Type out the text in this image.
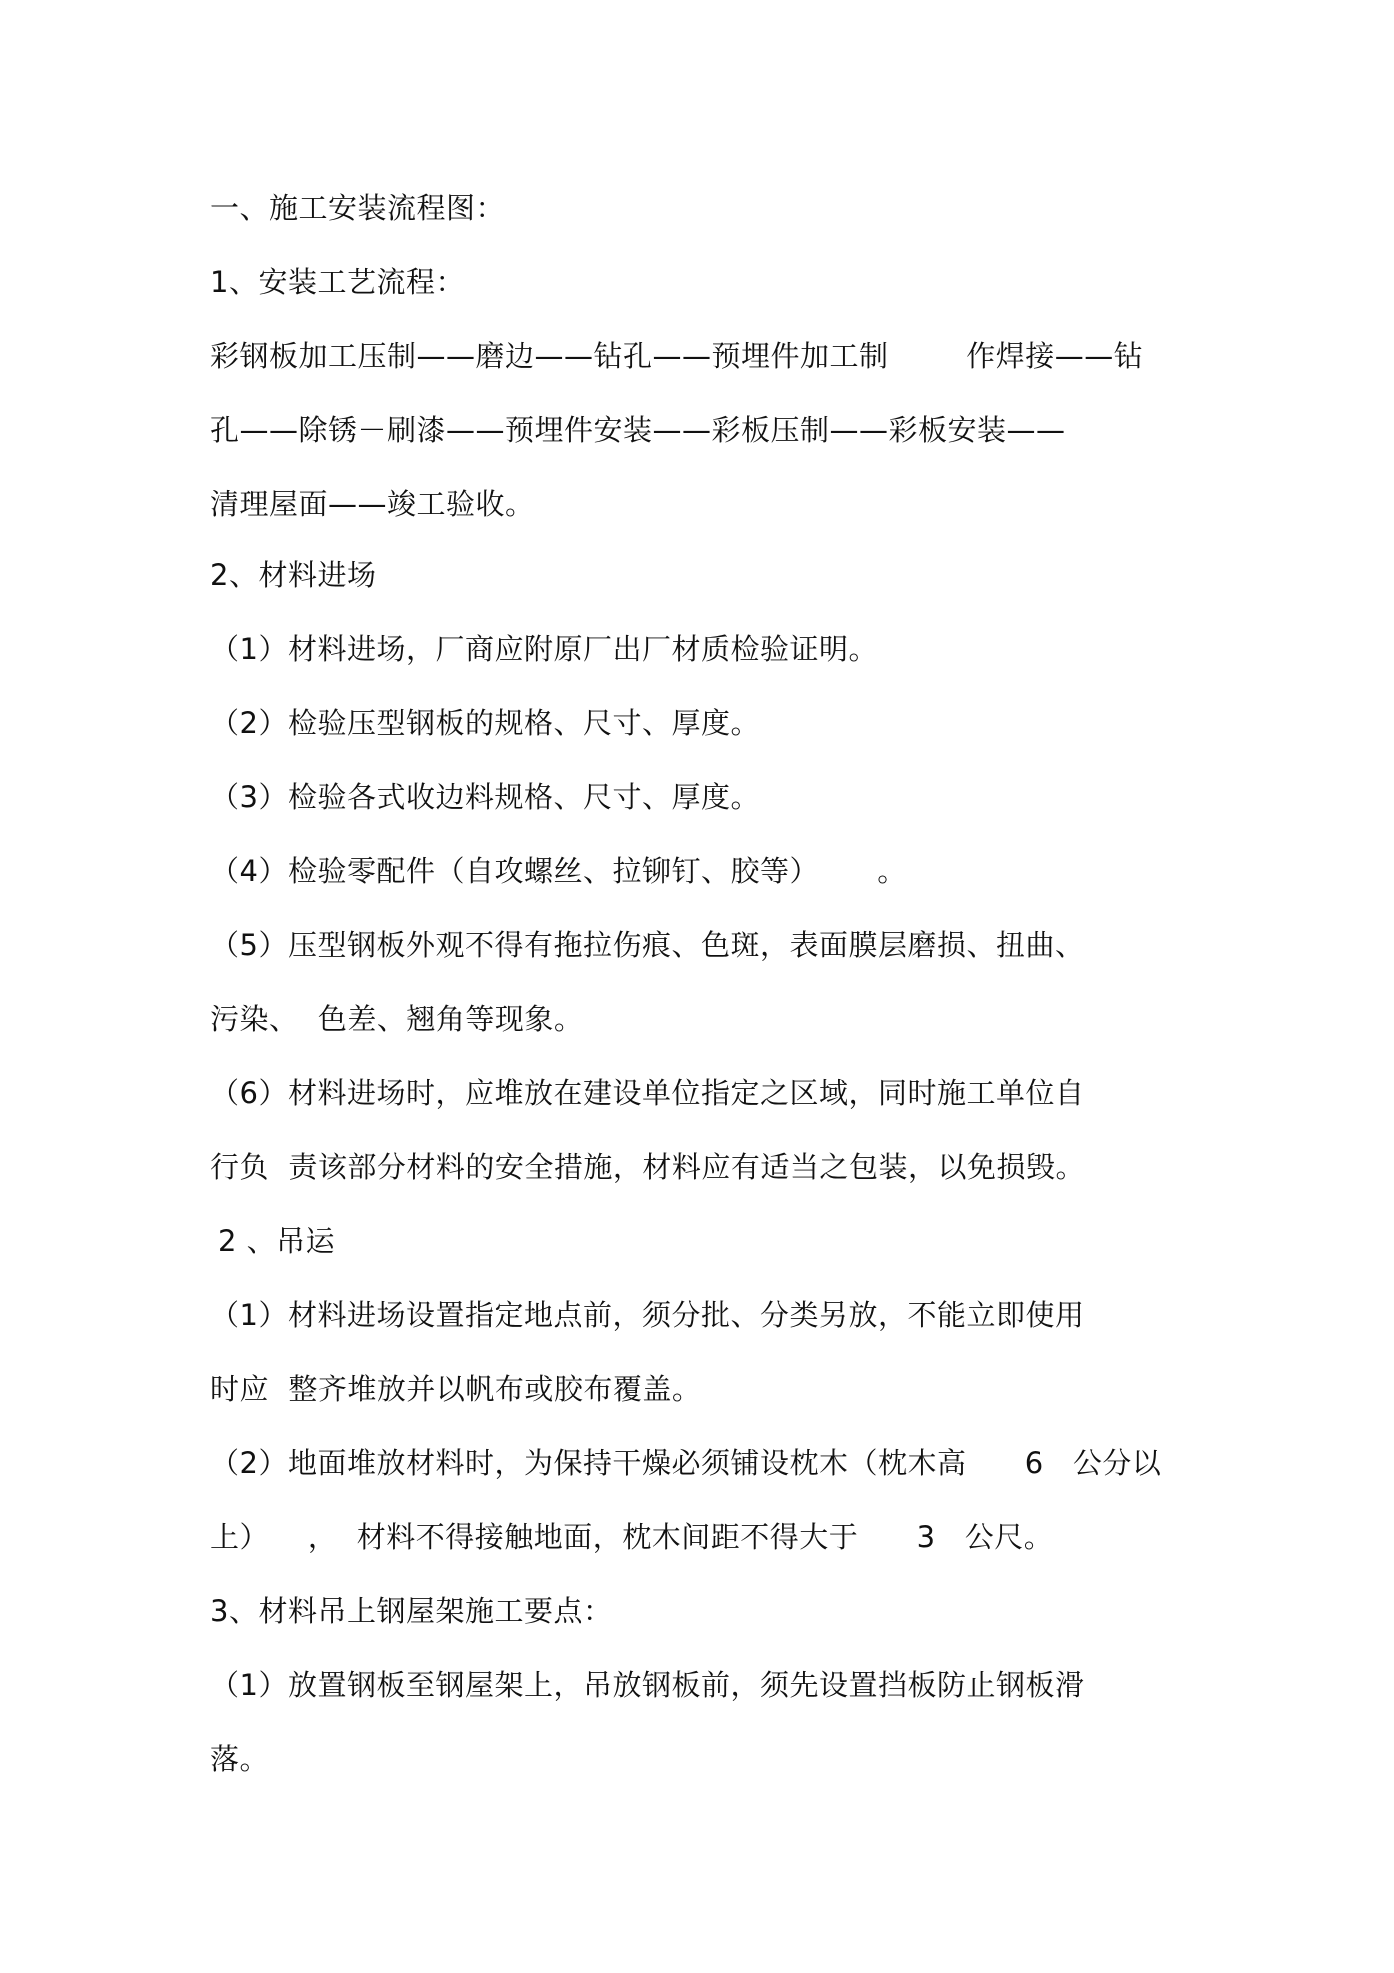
一、施工安装流程图：
1、安装工艺流程：
彩钢板加工压制——磨边——钻孔——预埋件加工制        作焊接——钻
孔——除锈－刷漆——预埋件安装——彩板压制——彩板安装——
清理屋面——竣工验收。
2、材料进场
（1）材料进场，厂商应附原厂出厂材质检验证明。
（2）检验压型钢板的规格、尺寸、厚度。
（3）检验各式收边料规格、尺寸、厚度。
（4）检验零配件（自攻螺丝、拉铆钉、胶等）      。
（5）压型钢板外观不得有拖拉伤痕、色斑，表面膜层磨损、扭曲、
污染、  色差、翘角等现象。
（6）材料进场时，应堆放在建设单位指定之区域，同时施工单位自
行负  责该部分材料的安全措施，材料应有适当之包装，以免损毁。
2 、吊运
（1）材料进场设置指定地点前，须分批、分类另放，不能立即使用
时应  整齐堆放并以帆布或胶布覆盖。
（2）地面堆放材料时，为保持干燥必须铺设枕木（枕木高      6   公分以
上）    ，  材料不得接触地面，枕木间距不得大于      3   公尺。
3、材料吊上钢屋架施工要点：
（1）放置钢板至钢屋架上，吊放钢板前，须先设置挡板防止钢板滑
落。
